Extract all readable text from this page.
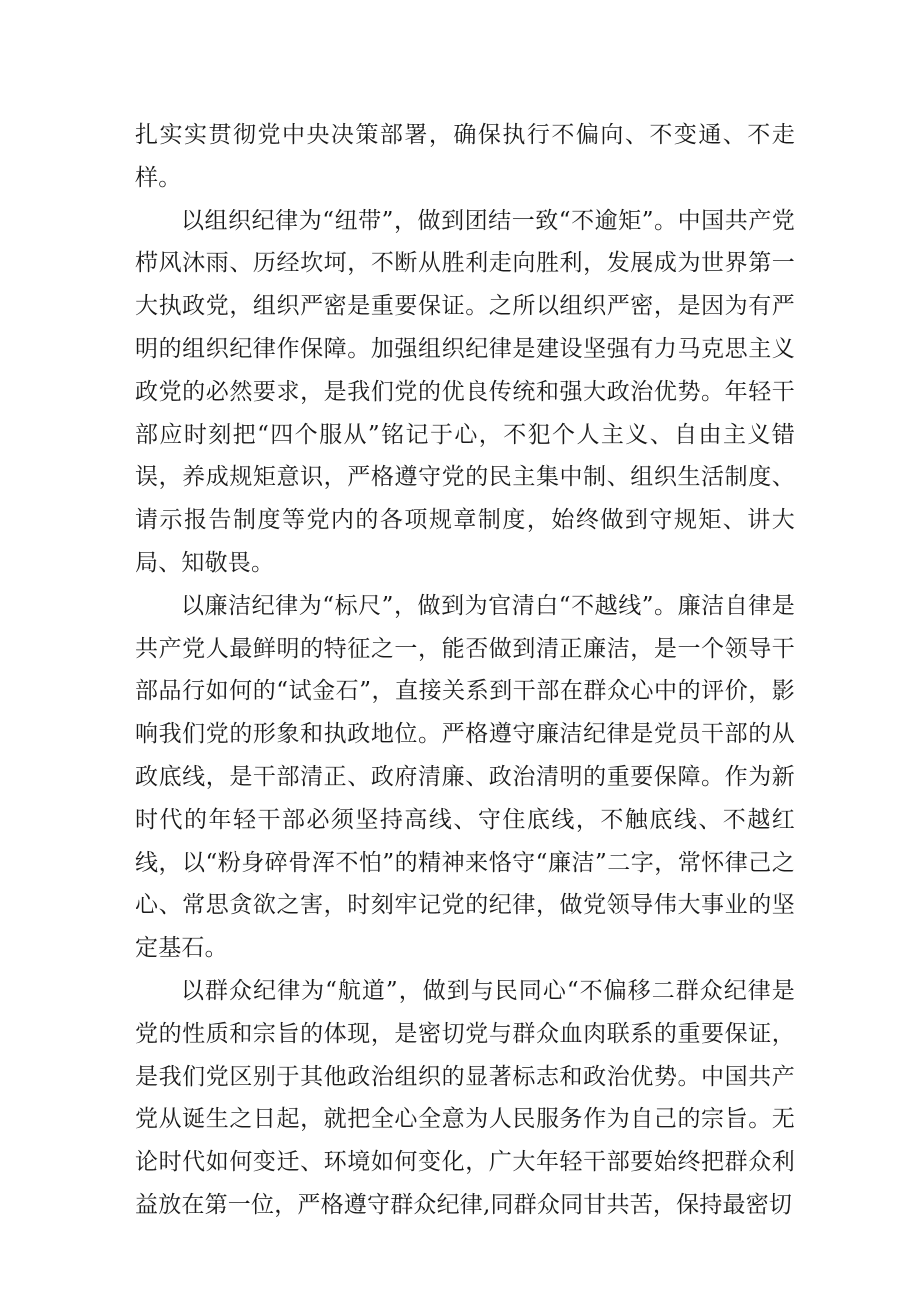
扎实实贯彻党中央决策部署，确保执行不偏向、不变通、不走样。

以组织纪律为“纽带”，做到团结一致“不逾矩”。中国共产党栉风沐雨、历经坎坷，不断从胜利走向胜利，发展成为世界第一大执政党，组织严密是重要保证。之所以组织严密，是因为有严明的组织纪律作保障。加强组织纪律是建设坚强有力马克思主义政党的必然要求，是我们党的优良传统和强大政治优势。年轻干部应时刻把“四个服从”铭记于心，不犯个人主义、自由主义错误，养成规矩意识，严格遵守党的民主集中制、组织生活制度、请示报告制度等党内的各项规章制度，始终做到守规矩、讲大局、知敬畏。

以廉洁纪律为“标尺”，做到为官清白“不越线”。廉洁自律是共产党人最鲜明的特征之一，能否做到清正廉洁，是一个领导干部品行如何的“试金石”，直接关系到干部在群众心中的评价，影响我们党的形象和执政地位。严格遵守廉洁纪律是党员干部的从政底线，是干部清正、政府清廉、政治清明的重要保障。作为新时代的年轻干部必须坚持高线、守住底线，不触底线、不越红线，以“粉身碎骨浑不怕”的精神来恪守“廉洁”二字，常怀律己之心、常思贪欲之害，时刻牢记党的纪律，做党领导伟大事业的坚定基石。

以群众纪律为“航道”，做到与民同心“不偏移二群众纪律是党的性质和宗旨的体现，是密切党与群众血肉联系的重要保证，是我们党区别于其他政治组织的显著标志和政治优势。中国共产党从诞生之日起，就把全心全意为人民服务作为自己的宗旨。无论时代如何变迁、环境如何变化，广大年轻干部要始终把群众利益放在第一位，严格遵守群众纪律,同群众同甘共苦，保持最密切
